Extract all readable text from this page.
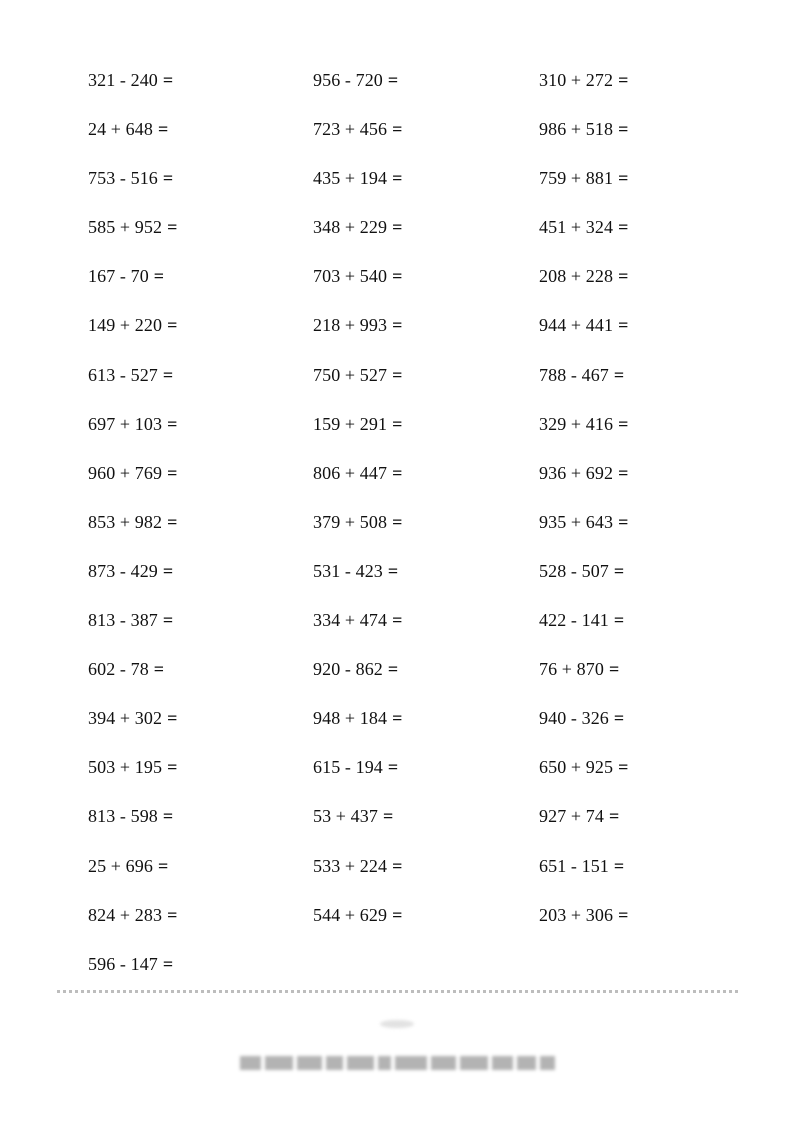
321 - 240 =
24 + 648 =
753 - 516 =
585 + 952 =
167 - 70 =
149 + 220 =
613 - 527 =
697 + 103 =
960 + 769 =
853 + 982 =
873 - 429 =
813 - 387 =
602 - 78 =
394 + 302 =
503 + 195 =
813 - 598 =
25 + 696 =
824 + 283 =
596 - 147 =
956 - 720 =
723 + 456 =
435 + 194 =
348 + 229 =
703 + 540 =
218 + 993 =
750 + 527 =
159 + 291 =
806 + 447 =
379 + 508 =
531 - 423 =
334 + 474 =
920 - 862 =
948 + 184 =
615 - 194 =
53 + 437 =
533 + 224 =
544 + 629 =
310 + 272 =
986 + 518 =
759 + 881 =
451 + 324 =
208 + 228 =
944 + 441 =
788 - 467 =
329 + 416 =
936 + 692 =
935 + 643 =
528 - 507 =
422 - 141 =
76 + 870 =
940 - 326 =
650 + 925 =
927 + 74 =
651 - 151 =
203 + 306 =
